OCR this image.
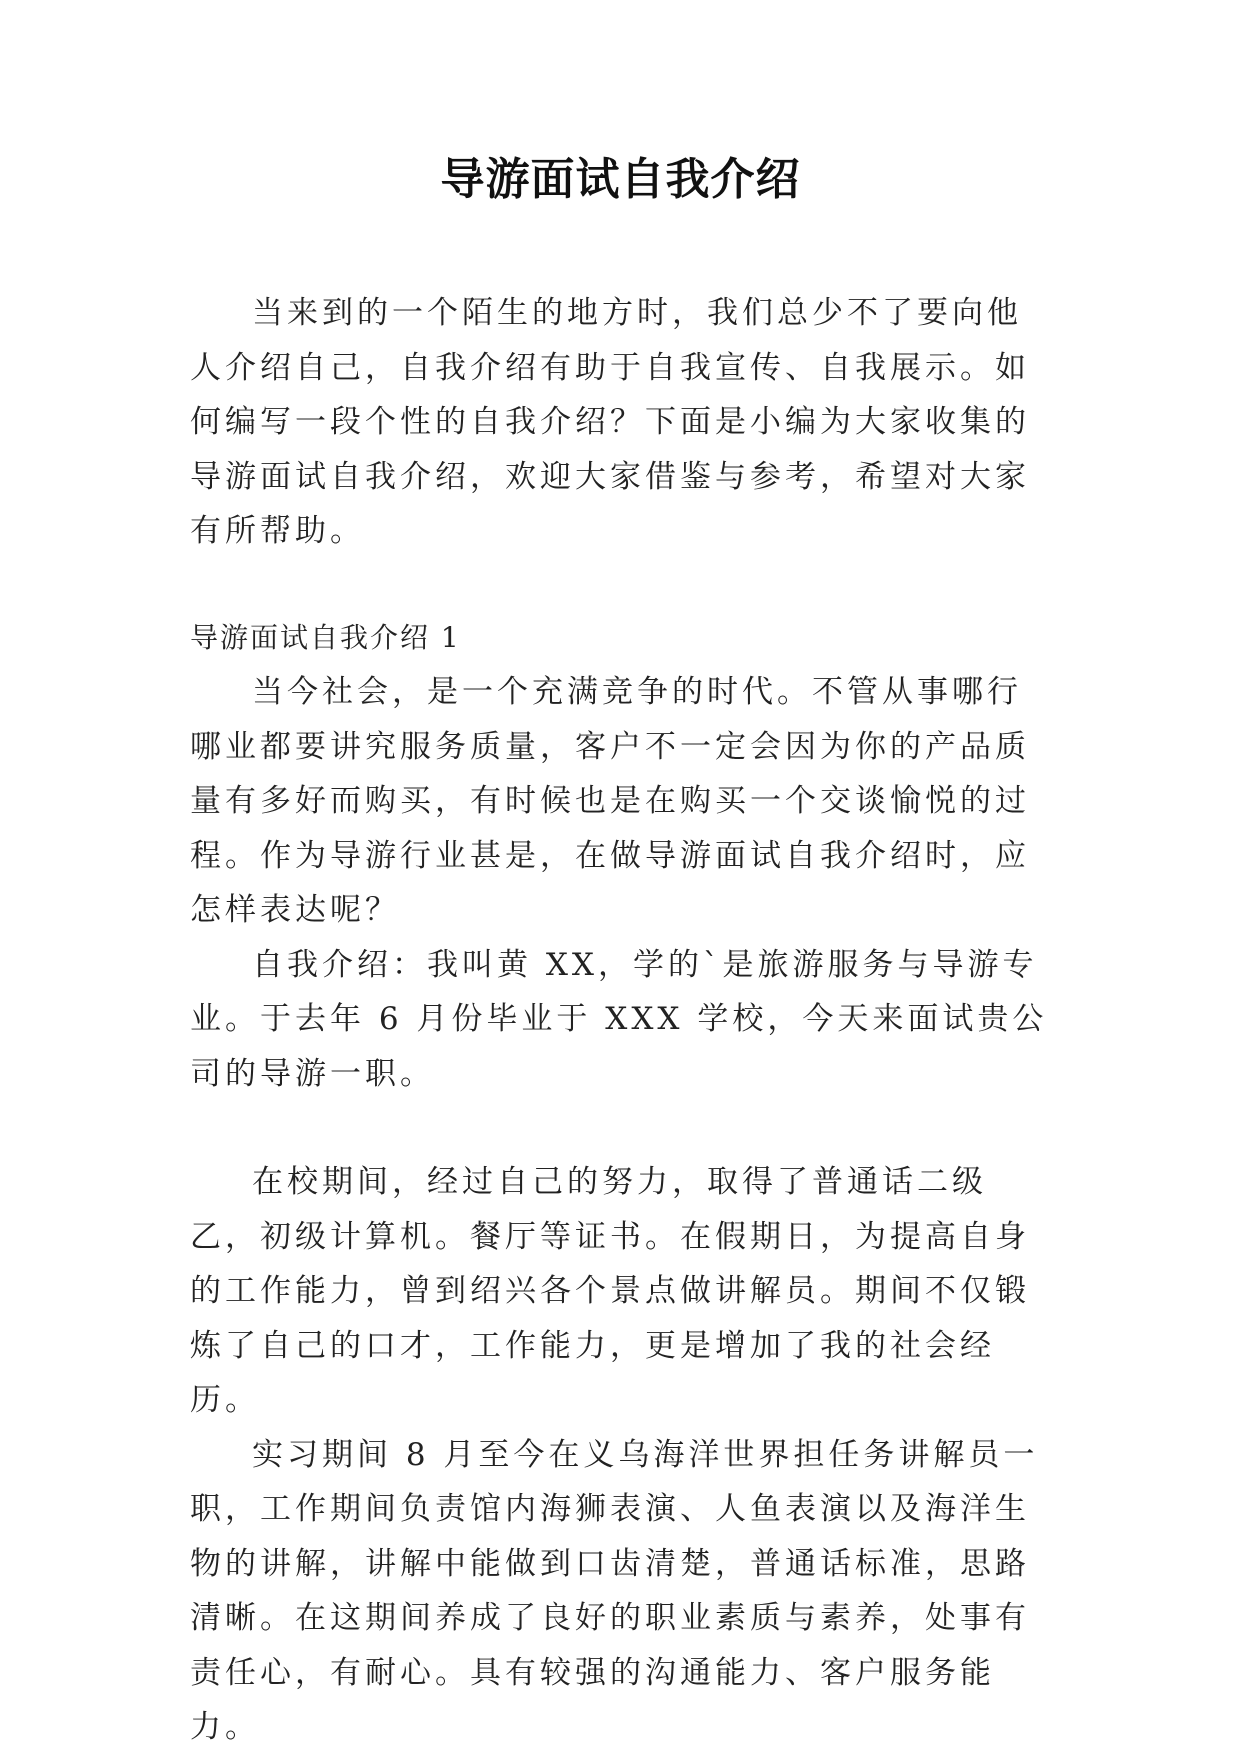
导游面试自我介绍

当来到的一个陌生的地方时，我们总少不了要向他人介绍自己，自我介绍有助于自我宣传、自我展示。如何编写一段个性的自我介绍？下面是小编为大家收集的导游面试自我介绍，欢迎大家借鉴与参考，希望对大家有所帮助。

导游面试自我介绍 1

当今社会，是一个充满竞争的时代。不管从事哪行哪业都要讲究服务质量，客户不一定会因为你的产品质量有多好而购买，有时候也是在购买一个交谈愉悦的过程。作为导游行业甚是，在做导游面试自我介绍时，应怎样表达呢？

自我介绍：我叫黄 XX，学的`是旅游服务与导游专业。于去年 6 月份毕业于 XXX 学校，今天来面试贵公司的导游一职。

在校期间，经过自己的努力，取得了普通话二级乙，初级计算机。餐厅等证书。在假期日，为提高自身的工作能力，曾到绍兴各个景点做讲解员。期间不仅锻炼了自己的口才，工作能力，更是增加了我的社会经历。

实习期间 8 月至今在义乌海洋世界担任务讲解员一职，工作期间负责馆内海狮表演、人鱼表演以及海洋生物的讲解，讲解中能做到口齿清楚，普通话标准，思路清晰。在这期间养成了良好的职业素质与素养，处事有责任心，有耐心。具有较强的沟通能力、客户服务能力。
